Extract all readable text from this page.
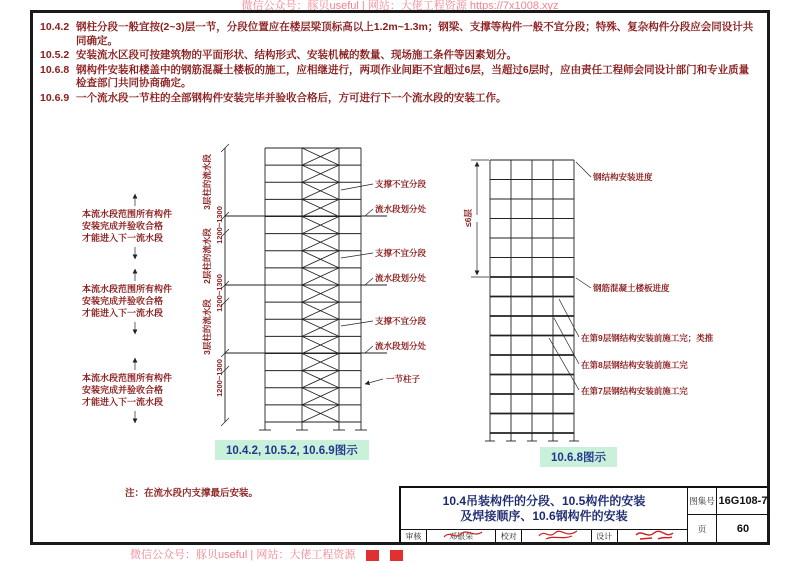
微信公众号：豚贝useful | 网站：大佬工程资源 https://7x1008.xyz
10.4.2 钢柱分段一般宜按(2~3)层一节，分段位置应在楼层梁顶标高以上1.2m~1.3m；钢梁、支撑等构件一般不宜分段；特殊、复杂构件分段应会同设计共同确定。
10.5.2 安装流水区段可按建筑物的平面形状、结构形式、安装机械的数量、现场施工条件等因素划分。
10.6.8 钢构件安装和楼盖中的钢筋混凝土楼板的施工，应相继进行，两项作业间距不宜超过6层，当超过6层时，应由责任工程师会同设计部门和专业质量检查部门共同协商确定。
10.6.9 一个流水段一节柱的全部钢构件安装完毕并验收合格后，方可进行下一个流水段的安装工作。
3层柱的流水段
1200~1300
2层柱的流水段
1200~1300
3层柱的流水段
1200~1300
支撑不宜分段
流水段划分处
支撑不宜分段
流水段划分处
支撑不宜分段
流水段划分处
一节柱子
本流水段范围所有构件
安装完成并验收合格
才能进入下一流水段
本流水段范围所有构件
安装完成并验收合格
才能进入下一流水段
本流水段范围所有构件
安装完成并验收合格
才能进入下一流水段
≤6层
钢结构安装进度
钢筋混凝土楼板进度
在第9层钢结构安装前施工完；类推
在第8层钢结构安装前施工完
在第7层钢结构安装前施工完
10.4.2, 10.5.2, 10.6.9图示
10.6.8图示
注：在流水段内支撑最后安装。	10.4吊装构件的分段、10.5构件的安装
及焊接顺序、10.6钢构件的安装
审核	邓银荣	校对	设计
图集号 16G108-7
页	60
微信公众号：豚贝useful | 网站：大佬工程资源
